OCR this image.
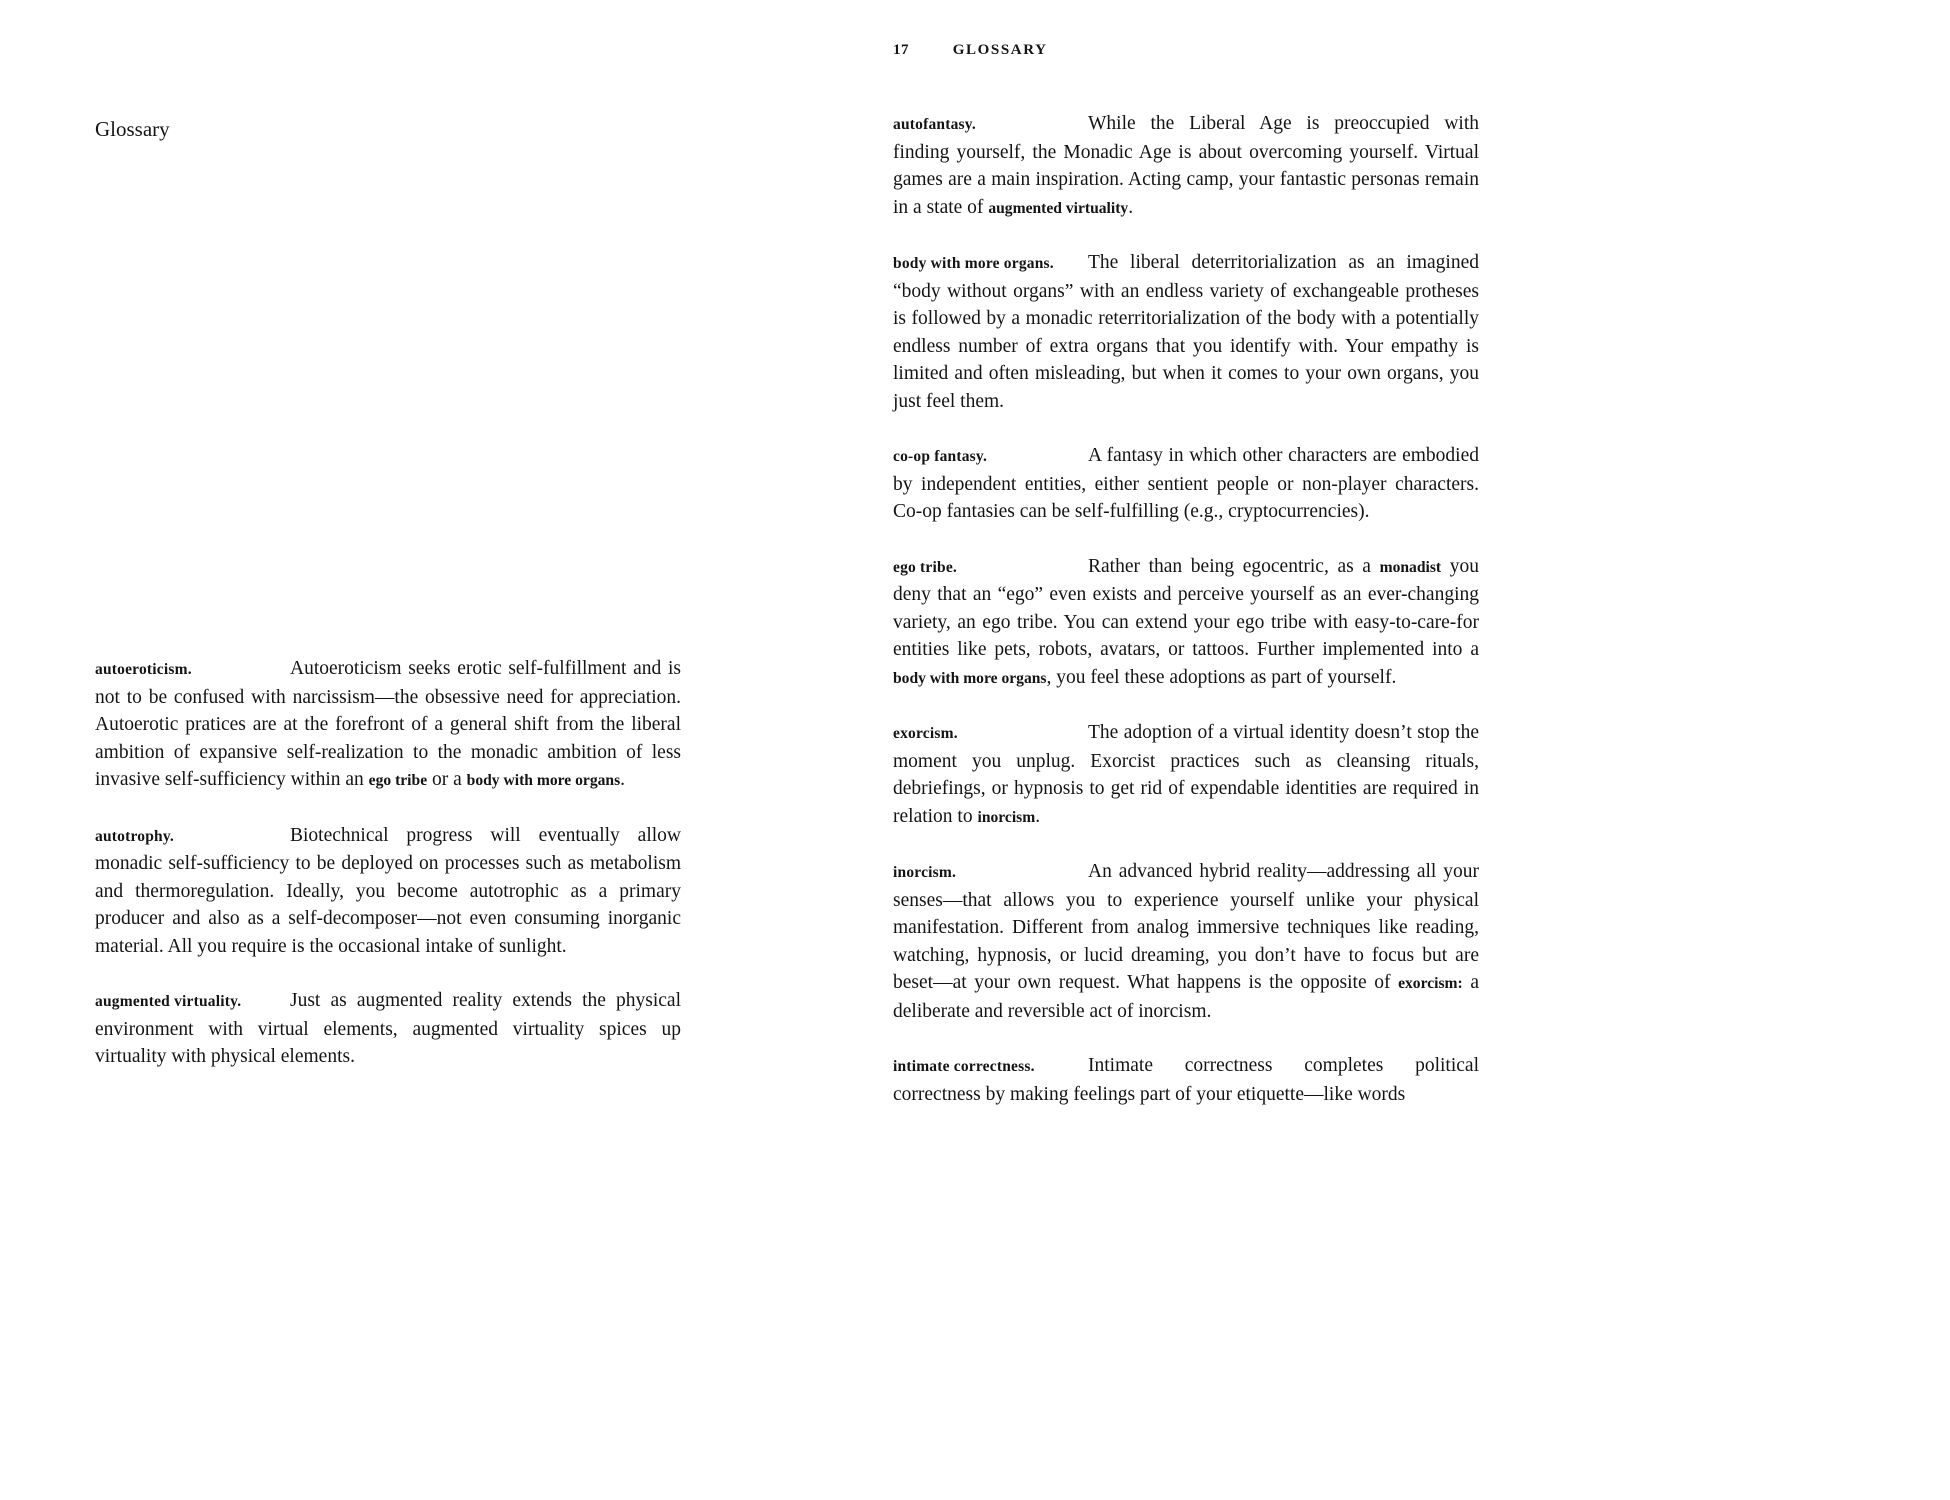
Glossary

autoeroticism.	Autoeroticism seeks erotic self-fulfillment and is not to be confused with narcissism—the obsessive need for appreciation. Autoerotic pratices are at the forefront of a general shift from the liberal ambition of expansive self-realization to the monadic ambition of less invasive self-sufficiency within an ego tribe or a body with more organs.

autotrophy.	Biotechnical progress will eventually allow monadic self-sufficiency to be deployed on processes such as metabolism and thermoregulation. Ideally, you become autotrophic as a primary producer and also as a self-decomposer—not even consuming inorganic material. All you require is the occasional intake of sunlight.

augmented virtuality. Just as augmented reality extends the physical environment with virtual elements, augmented virtuality spices up virtuality with physical elements.

17	GLOSSARY

autofantasy.	While the Liberal Age is preoccupied with finding yourself, the Monadic Age is about overcoming yourself. Virtual games are a main inspiration. Acting camp, your fantastic personas remain in a state of augmented virtuality.

body with more organs. The liberal deterritorialization as an imagined “body without organs” with an endless variety of exchangeable protheses is followed by a monadic reterritorialization of the body with a potentially endless number of extra organs that you identify with. Your empathy is limited and often misleading, but when it comes to your own organs, you just feel them.

co-op fantasy.	A fantasy in which other characters are embodied by independent entities, either sentient people or non-player characters. Co-op fantasies can be self-fulfilling (e.g., cryptocurrencies).

ego tribe.	Rather than being egocentric, as a monadist you deny that an “ego” even exists and perceive yourself as an ever-changing variety, an ego tribe. You can extend your ego tribe with easy-to-care-for entities like pets, robots, avatars, or tattoos. Further implemented into a body with more organs, you feel these adoptions as part of yourself.

exorcism.	The adoption of a virtual identity doesn’t stop the moment you unplug. Exorcist practices such as cleansing rituals, debriefings, or hypnosis to get rid of expendable identities are required in relation to inorcism.

inorcism.	An advanced hybrid reality—addressing all your senses—that allows you to experience yourself unlike your physical manifestation. Different from analog immersive techniques like reading, watching, hypnosis, or lucid dreaming, you don’t have to focus but are beset—at your own request. What happens is the opposite of exorcism: a deliberate and reversible act of inorcism.

intimate correctness.	Intimate correctness completes political correctness by making feelings part of your etiquette—like words
